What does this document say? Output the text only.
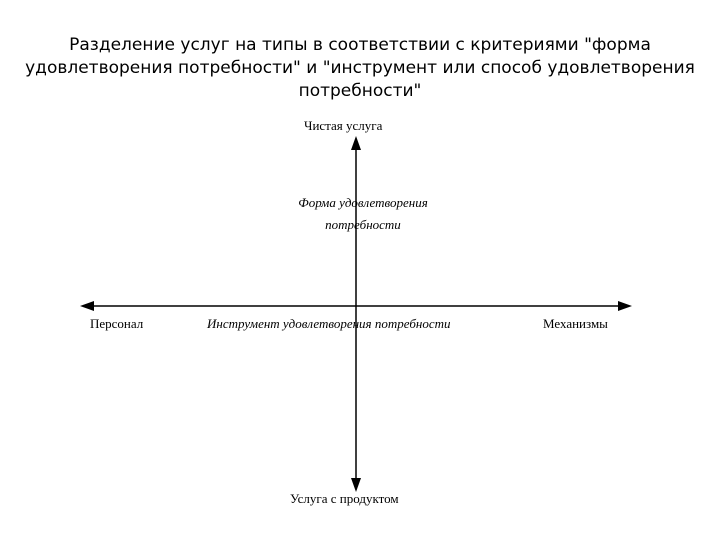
Разделение услуг на типы в соответствии с критериями "форма
удовлетворения потребности" и "инструмент или способ удовлетворения
потребности"
Чистая услуга
Форма удовлетворения
потребности
Персонал	Инструмент удовлетворения потребности	Механизмы
Услуга с продуктом
